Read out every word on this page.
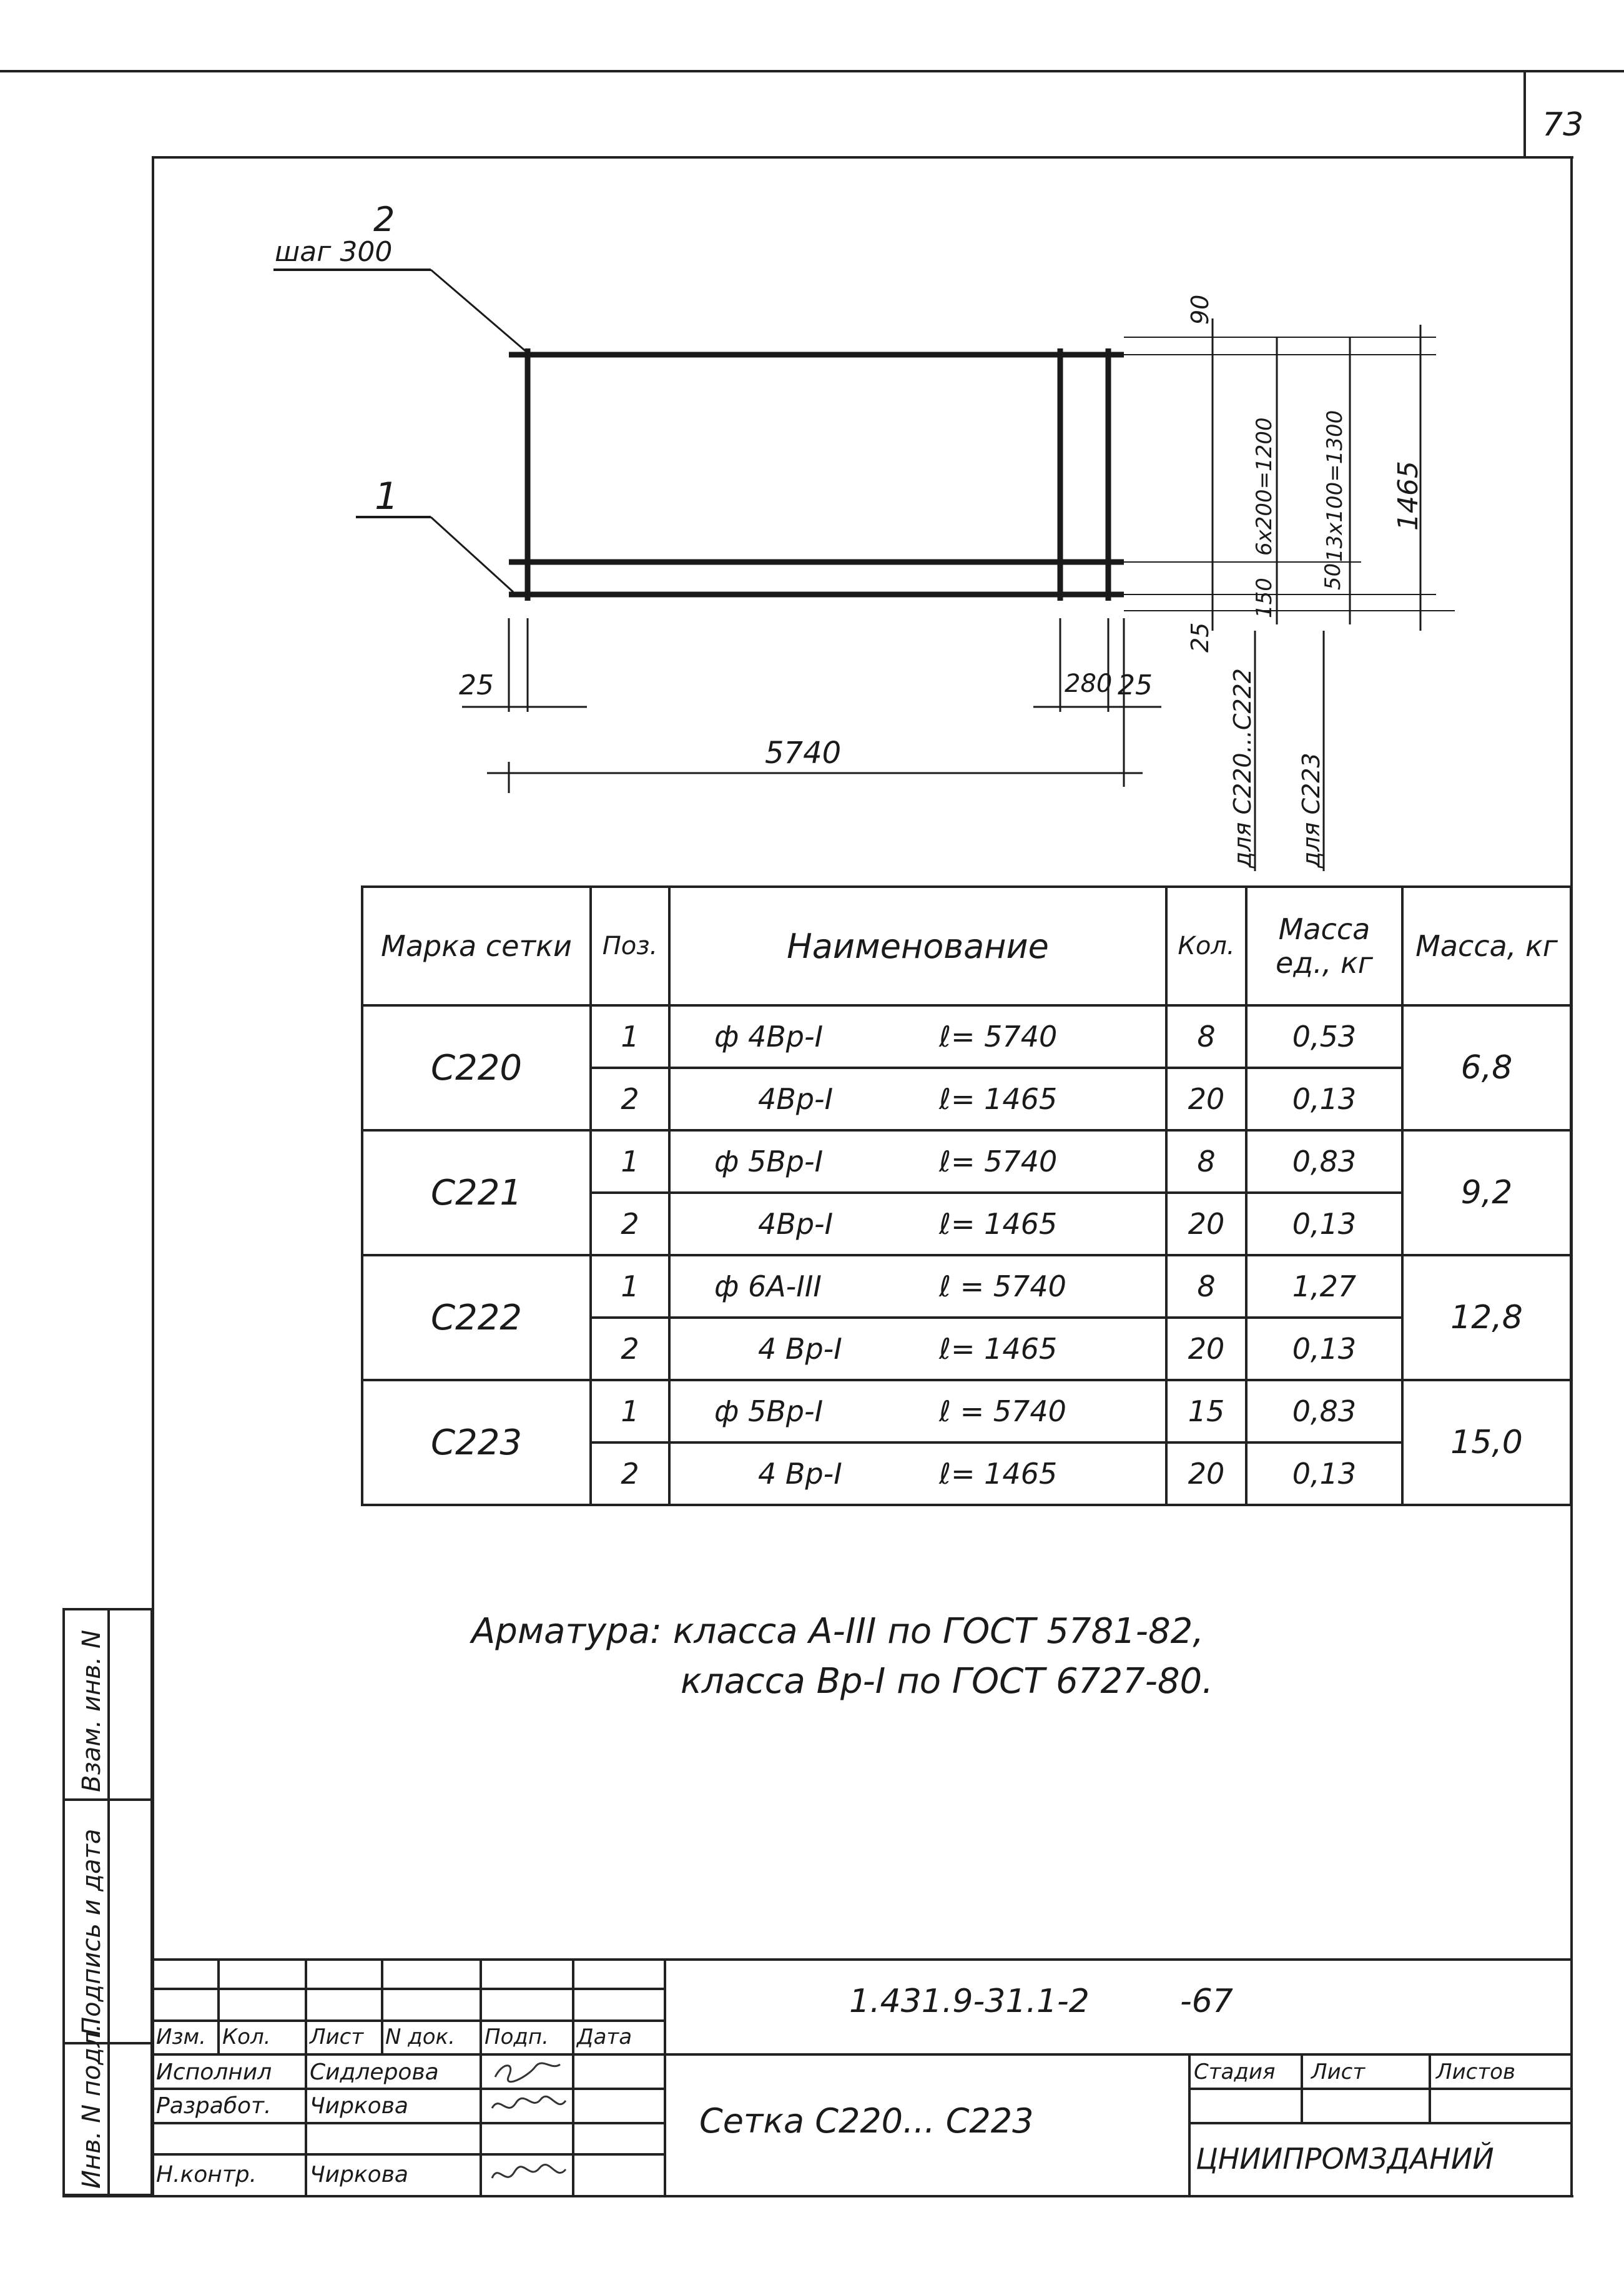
73
Взам. инв. N
Подпись и дата
Инв. N подл.
2
шаг 300
1
25	280 25
5740
90
150
50
25
6х200=1200 13х100=1300 1465
для С220...С222 для С223
Марка сетки	Поз.	Наименование	Кол.	Масса ед., кг	Масса, кг
С220	1	ф 4Вр-I ℓ= 5740	8	0,53	6,8
	2	4Вр-I ℓ= 1465	20	0,13	
С221	1	ф 5Вр-I ℓ= 5740	8	0,83	9,2
	2	4Вр-I ℓ= 1465	20	0,13	
С222	1	ф 6А-III ℓ = 5740	8	1,27	12,8
	2	4 Вр-I ℓ= 1465	20	0,13	
С223	1	ф 5Вр-I ℓ = 5740	15	0,83	15,0
	2	4 Вр-I ℓ= 1465	20	0,13	
Арматура: класса А-III по ГОСТ 5781-82,
класса Вр-I по ГОСТ 6727-80.
1.431.9-31.1-2	-67
Изм. Кол. Лист N док. Подп. Дата
Исполнил Сидлерова
Разработ. Чиркова
Н.контр. Чиркова
Сетка С220... С223
Стадия Лист	Листов
ЦНИИПРОМЗДАНИЙ
